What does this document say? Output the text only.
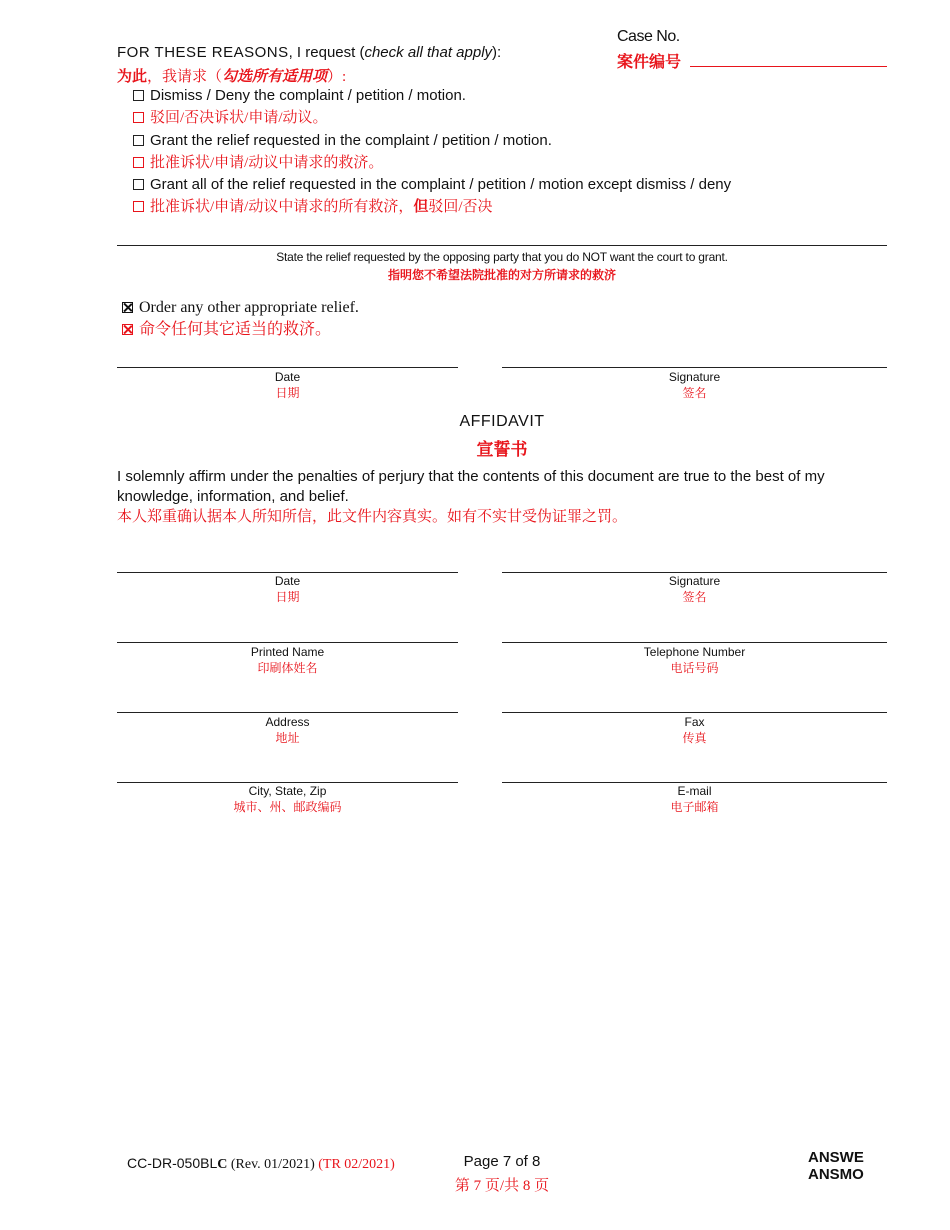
Case No.
案件编号
FOR THESE REASONS, I request (check all that apply):
为此，我请求（勾选所有适用项）:
Dismiss / Deny the complaint / petition / motion.
驳回/否决诉状/申请/动议。
Grant the relief requested in the complaint / petition / motion.
批准诉状/申请/动议中请求的救济。
Grant all of the relief requested in the complaint / petition / motion except dismiss / deny
批准诉状/申请/动议中请求的所有救济，但驳回/否决
State the relief requested by the opposing party that you do NOT want the court to grant.
指明您不希望法院批准的对方所请求的救济
Order any other appropriate relief.
命令任何其它适当的救济。
Date
日期
Signature
签名
AFFIDAVIT
宣誓书
I solemnly affirm under the penalties of perjury that the contents of this document are true to the best of my knowledge, information, and belief.
本人郑重确认据本人所知所信，此文件内容真实。如有不实甘受伪证罪之罚。
Date
日期
Signature
签名
Printed Name
印刷体姓名
Telephone Number
电话号码
Address
地址
Fax
传真
City, State, Zip
城市、州、邮政编码
E-mail
电子邮箱
CC-DR-050BLC (Rev. 01/2021) (TR 02/2021)	Page 7 of 8
第 7 页/共 8 页
ANSWE
ANSMO
